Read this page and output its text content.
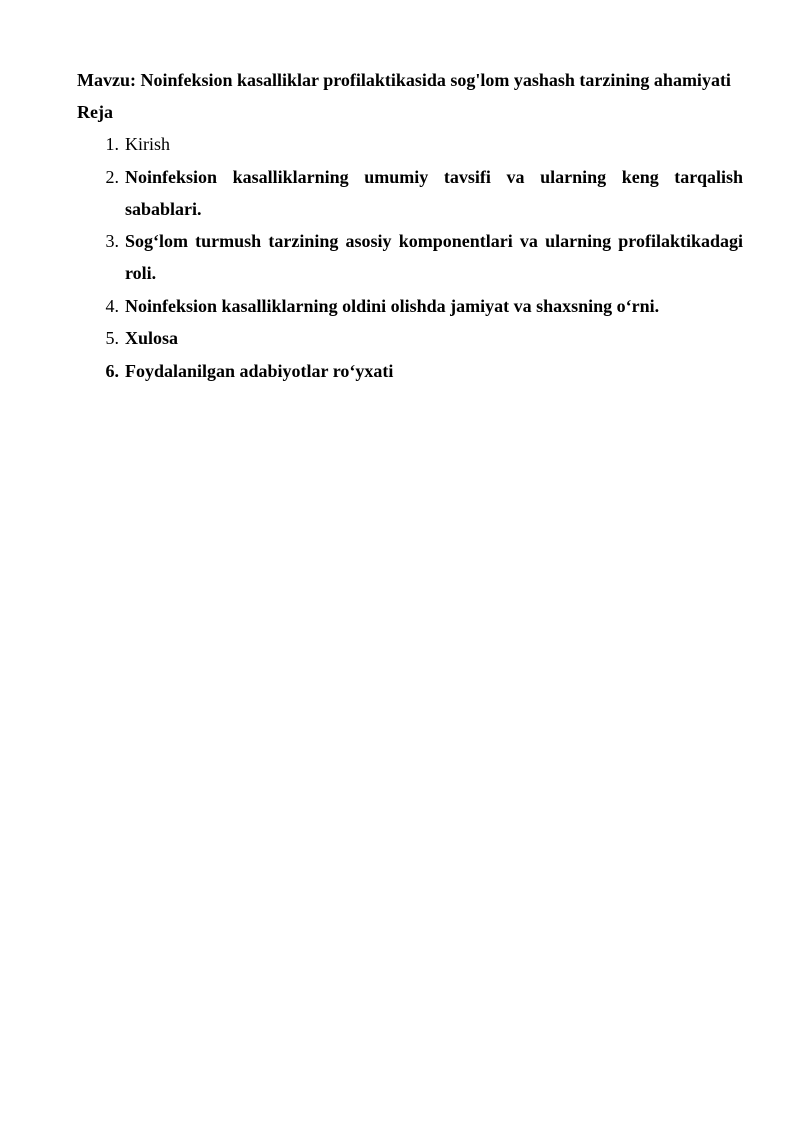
Mavzu: Noinfeksion kasalliklar profilaktikasida sog'lom yashash tarzining ahamiyati

Reja

1. Kirish
2. Noinfeksion kasalliklarning umumiy tavsifi va ularning keng tarqalish sabablari.
3. Sog‘lom turmush tarzining asosiy komponentlari va ularning profilaktikadagi roli.
4. Noinfeksion kasalliklarning oldini olishda jamiyat va shaxsning o‘rni.
5. Xulosa
6. Foydalanilgan adabiyotlar ro‘yxati
